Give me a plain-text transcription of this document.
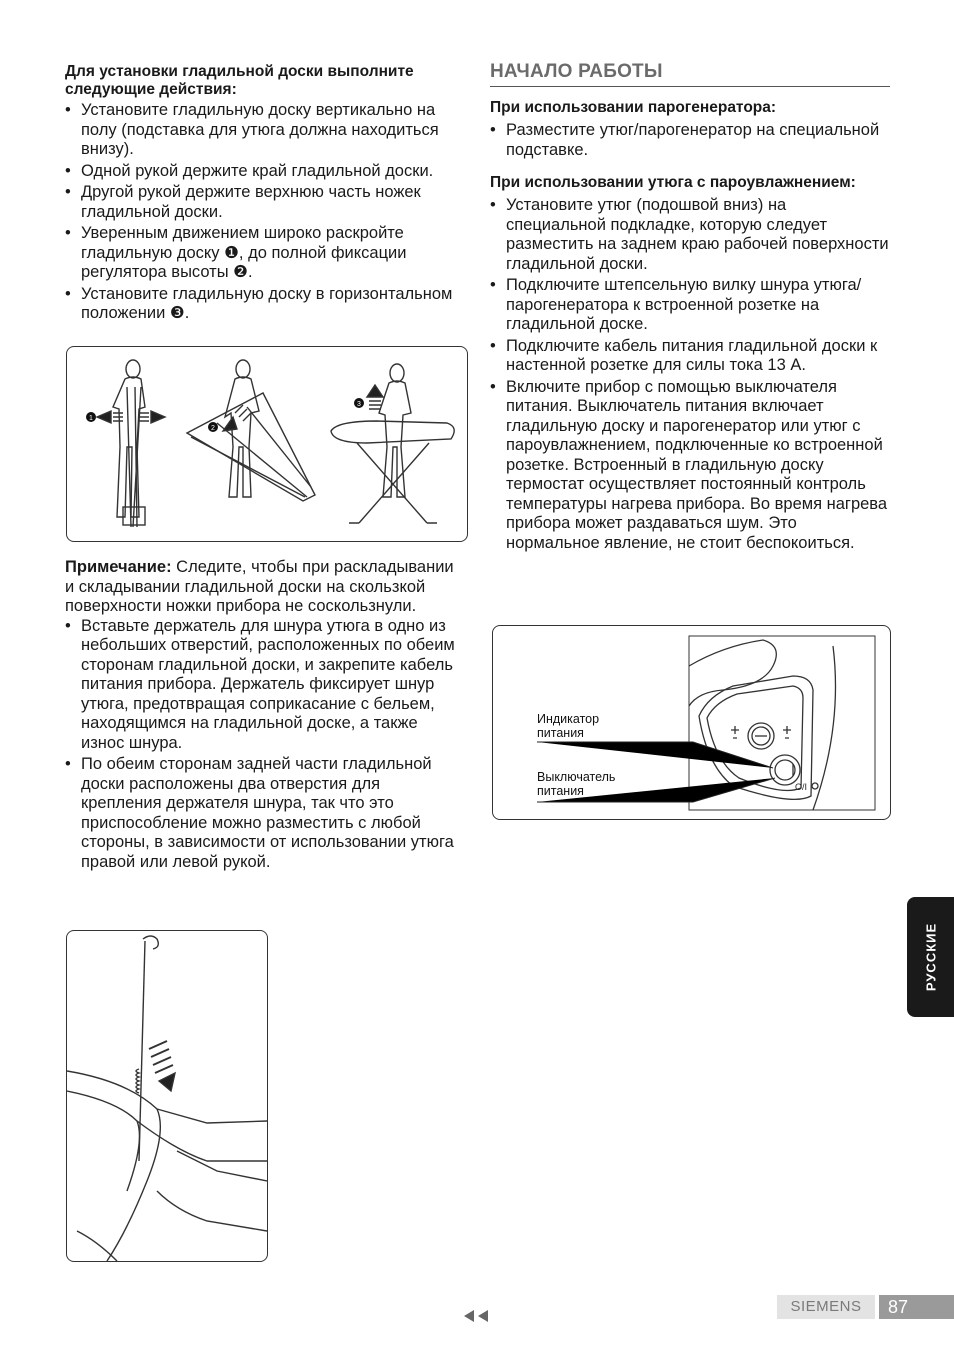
Для установки гладильной доски выполните следующие действия:
• Установите гладильную доску вертикально на полу (подставка для утюга должна находиться внизу).
• Одной рукой держите край гладильной доски.
• Другой рукой держите верхнюю часть ножек гладильной доски.
• Уверенным движением широко раскройте гладильную доску ❶, до полной фиксации регулятора высоты ❷.
• Установите гладильную доску в горизонтальном положении ❸.
1
2
3
Примечание: Следите, чтобы при раскладывании и складывании гладильной доски на скользкой поверхности ножки прибора не соскользнули.
• Вставьте держатель для шнура утюга в одно из небольших отверстий, расположенных по обеим сторонам гладильной доски, и закрепите кабель питания прибора. Держатель фиксирует шнур утюга, предотвращая соприкасание с бельем, находящимся на гладильной доске, а также износ шнура.
• По обеим сторонам задней части гладильной доски расположены два отверстия для крепления держателя шнура, так что это приспособление можно разместить с любой стороны, в зависимости от использовании утюга правой или левой рукой.
НАЧАЛО РАБОТЫ
При использовании парогенератора:
• Разместите утюг/парогенератор на специальной подставке.
При использовании утюга с пароувлажнением:
• Установите утюг (подошвой вниз) на специальной подкладке, которую следует разместить на заднем краю рабочей поверхности гладильной доски.
• Подключите штепсельную вилку шнура утюга/парогенератора к встроенной розетке на гладильной доске.
• Подключите кабель питания гладильной доски к настенной розетке для силы тока 13 A.
• Включите прибор с помощью выключателя питания. Выключатель питания включает гладильную доску и парогенератор или утюг с пароувлажнением, подключенные ко встроенной розетке. Встроенный в гладильную доску термостат осуществляет постоянный контроль температуры нагрева прибора. Во время нагрева прибора может раздаваться шум. Это нормальное явление, не стоит беспокоиться.
O/I
Индикатор питания
Выключатель питания
РУССКИЕ
SIEMENS	87
